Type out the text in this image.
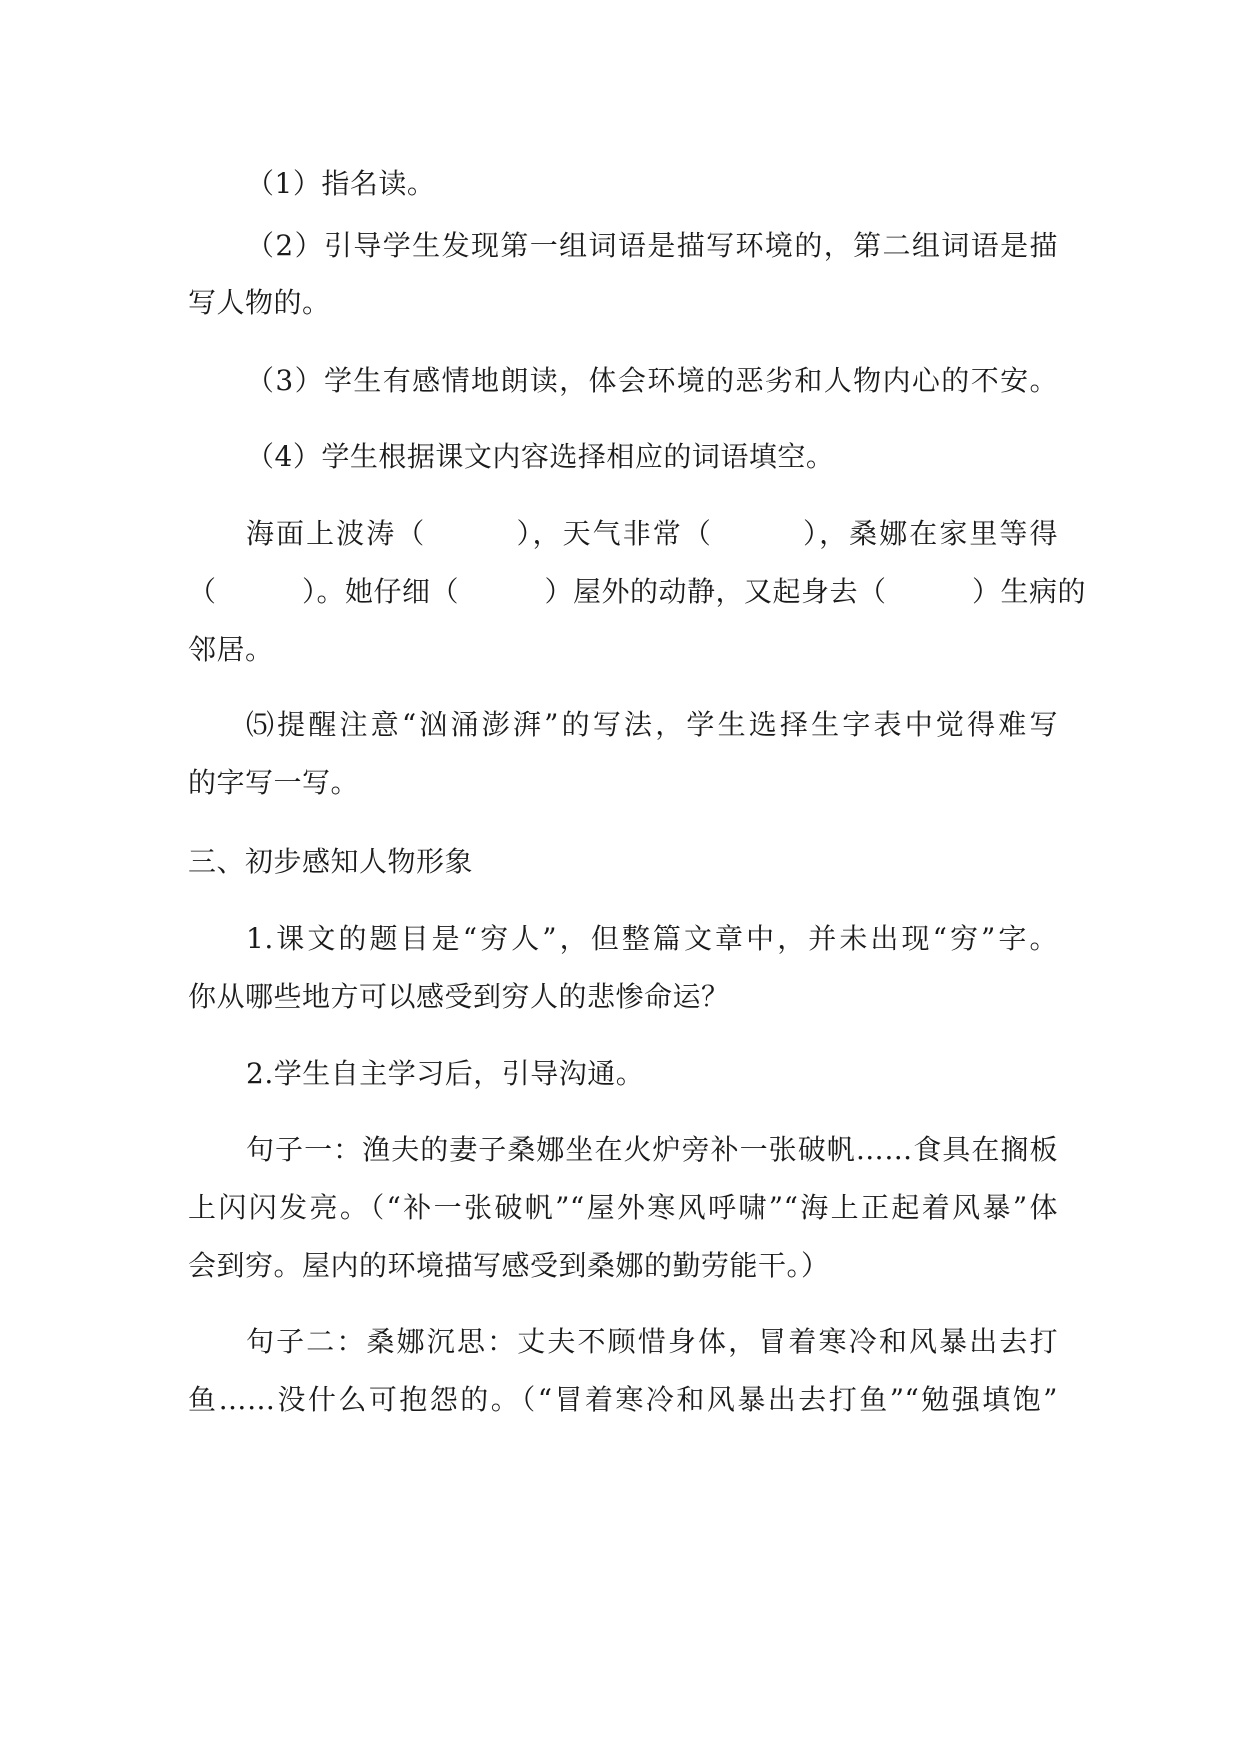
（1）指名读。
（2）引导学生发现第一组词语是描写环境的，第二组词语是描
写人物的。
（3）学生有感情地朗读，体会环境的恶劣和人物内心的不安。
（4）学生根据课文内容选择相应的词语填空。
海面上波涛（　　　），天气非常（　　　），桑娜在家里等得
（　　　）。她仔细（　　　）屋外的动静，又起身去（　　　）生病的
邻居。
⑸提醒注意“汹涌澎湃”的写法，学生选择生字表中觉得难写
的字写一写。
三、初步感知人物形象
1.课文的题目是“穷人”，但整篇文章中，并未出现“穷”字。
你从哪些地方可以感受到穷人的悲惨命运？
2.学生自主学习后，引导沟通。
句子一：渔夫的妻子桑娜坐在火炉旁补一张破帆……食具在搁板
上闪闪发亮。（“补一张破帆”“屋外寒风呼啸”“海上正起着风暴”体
会到穷。屋内的环境描写感受到桑娜的勤劳能干。）
句子二：桑娜沉思：丈夫不顾惜身体，冒着寒冷和风暴出去打
鱼……没什么可抱怨的。（“冒着寒冷和风暴出去打鱼”“勉强填饱”
